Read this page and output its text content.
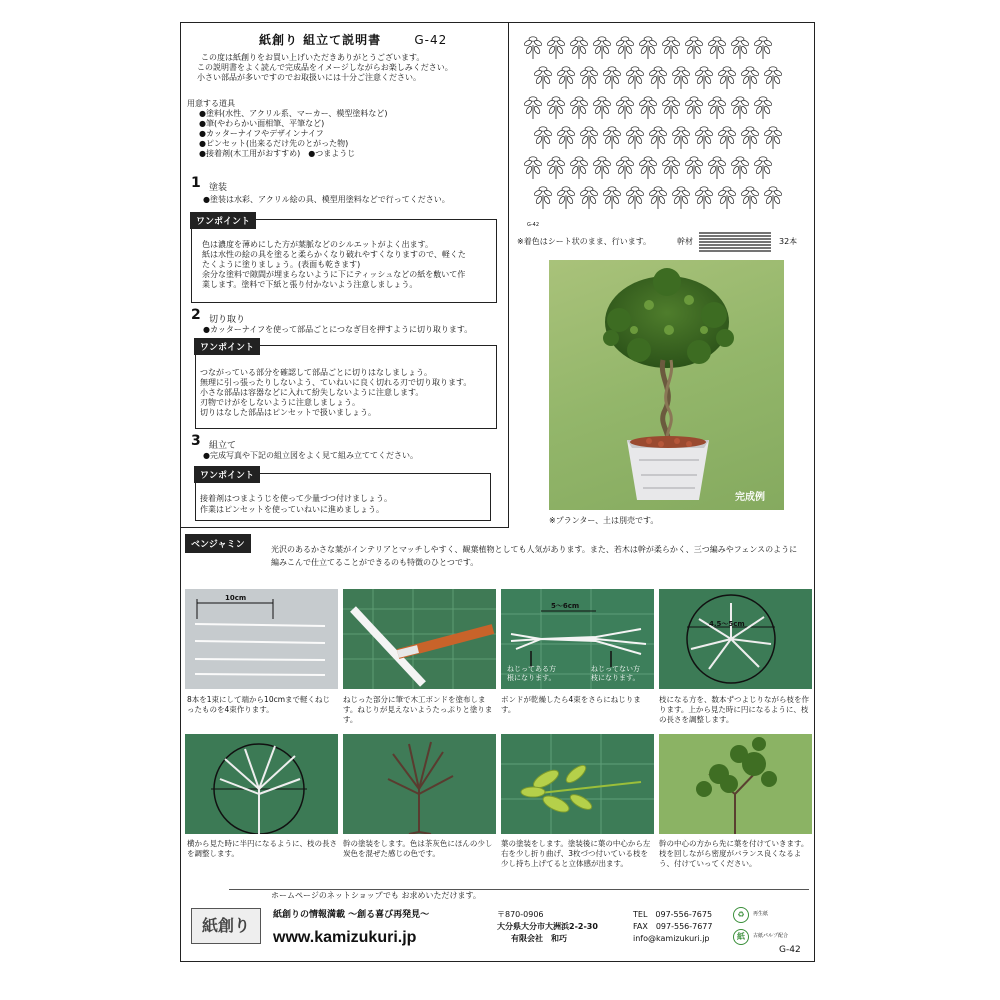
紙創り 組立て説明書	G-42
この度は紙創りをお買い上げいただきありがとうございます。
この説明書をよく読んで完成品をイメージしながらお楽しみください。
小さい部品が多いですのでお取扱いには十分ご注意ください。
用意する道具
●塗料(水性、アクリル系、マーカー、模型塗料など)
●筆(やわらかい面相筆、平筆など)
●カッターナイフやデザインナイフ
●ピンセット(出来るだけ先のとがった物)
●接着剤(木工用がおすすめ)　●つまようじ
1 塗装
●塗装は水彩、アクリル絵の具、模型用塗料などで行ってください。
ワンポイント
色は濃度を薄めにした方が葉脈などのシルエットがよく出ます。
紙は水性の絵の具を塗ると柔らかくなり破れやすくなりますので、軽くた
たくように塗りましょう。(表面も乾きます)
余分な塗料で隙間が埋まらないように下にティッシュなどの紙を敷いて作
業します。塗料で下紙と張り付かないよう注意しましょう。
2 切り取り
●カッターナイフを使って部品ごとにつなぎ目を押すように切り取ります。
ワンポイント
つながっている部分を確認して部品ごとに切りはなしましょう。
無理に引っ張ったりしないよう、ていねいに良く切れる刃で切り取ります。
小さな部品は容器などに入れて紛失しないように注意します。
刃物でけがをしないように注意しましょう。
切りはなした部品はピンセットで扱いましょう。
3 組立て
●完成写真や下記の組立図をよく見て組み立ててください。
ワンポイント
接着剤はつまようじを使って少量づつ付けましょう。
作業はピンセットを使っていねいに進めましょう。
G-42
※着色はシート状のまま、行います。	幹材	32本
完成例
※プランター、土は別売です。
ベンジャミン	光沢のあるかさな葉がインテリアとマッチしやすく、観葉植物としても人気があります。また、若木は幹が柔らかく、三つ編みやフェンスのように編みこんで仕立てることができるのも特徴のひとつです。
10cm
5〜6cm
ねじってある方
根になります。
ねじってない方
枝になります。
4.5〜5cm
8本を1束にして端から10cmまで軽くねじったものを4束作ります。
ねじった部分に筆で木工ボンドを塗布します。ねじりが見えないようたっぷりと塗ります。
ボンドが乾燥したら4束をさらにねじります。
枝になる方を、数本ずつよじりながら枝を作ります。上から見た時に円になるように、枝の長さを調整します。
横から見た時に半円になるように、枝の長さを調整します。
幹の塗装をします。色は茶灰色にほんの少し炭色を混ぜた感じの色です。
葉の塗装をします。塗装後に葉の中心から左右を少し折り曲げ、3枚づつ付いている枝を少し持ち上げてると立体感が出ます。
幹の中心の方から先に葉を付けていきます。枝を回しながら密度がバランス良くなるよう、付けていってください。
ホームページのネットショップでも お求めいただけます。
紙創り
紙創りの情報満載 〜創る喜び再発見〜
www.kamizukuri.jp
〒870-0906
大分県大分市大洲浜2-2-30
有限会社　和巧
TEL　097-556-7675
FAX　097-556-7677
info@kamizukuri.jp
♻	再生紙
紙	古紙パルプ配合
G-42
